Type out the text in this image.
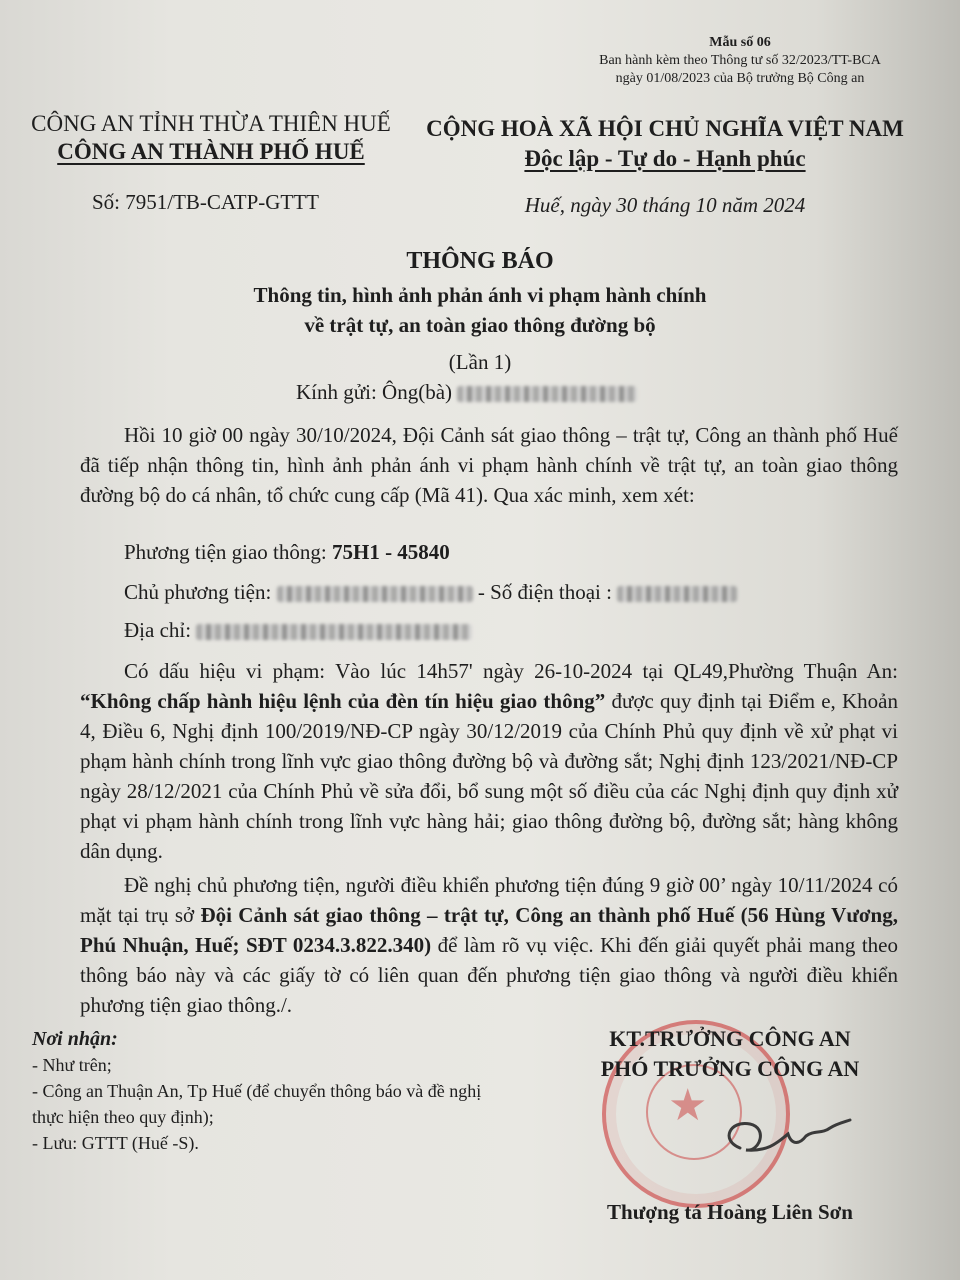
Mẫu số 06
Ban hành kèm theo Thông tư số 32/2023/TT-BCA
ngày 01/08/2023 của Bộ trưởng Bộ Công an
CÔNG AN TỈNH THỪA THIÊN HUẾ
CÔNG AN THÀNH PHỐ HUẾ
Số: 7951/TB-CATP-GTTT
CỘNG HOÀ XÃ HỘI CHỦ NGHĨA VIỆT NAM
Độc lập - Tự do - Hạnh phúc
Huế, ngày 30 tháng 10 năm 2024
THÔNG BÁO
Thông tin, hình ảnh phản ánh vi phạm hành chính
về trật tự, an toàn giao thông đường bộ
(Lần 1)
Kính gửi: Ông(bà)
Hồi 10 giờ 00 ngày 30/10/2024, Đội Cảnh sát giao thông – trật tự, Công an thành phố Huế đã tiếp nhận thông tin, hình ảnh phản ánh vi phạm hành chính về trật tự, an toàn giao thông đường bộ do cá nhân, tổ chức cung cấp (Mã 41). Qua xác minh, xem xét:
Phương tiện giao thông: 75H1 - 45840
Chủ phương tiện:	- Số điện thoại :
Địa chỉ:
Có dấu hiệu vi phạm: Vào lúc 14h57' ngày 26-10-2024 tại QL49,Phường Thuận An: “Không chấp hành hiệu lệnh của đèn tín hiệu giao thông” được quy định tại Điểm e, Khoản 4, Điều 6, Nghị định 100/2019/NĐ-CP ngày 30/12/2019 của Chính Phủ quy định về xử phạt vi phạm hành chính trong lĩnh vực giao thông đường bộ và đường sắt; Nghị định 123/2021/NĐ-CP ngày 28/12/2021 của Chính Phủ về sửa đổi, bổ sung một số điều của các Nghị định quy định xử phạt vi phạm hành chính trong lĩnh vực hàng hải; giao thông đường bộ, đường sắt; hàng không dân dụng.
Đề nghị chủ phương tiện, người điều khiển phương tiện đúng 9 giờ 00’ ngày 10/11/2024 có mặt tại trụ sở Đội Cảnh sát giao thông – trật tự, Công an thành phố Huế (56 Hùng Vương, Phú Nhuận, Huế; SĐT 0234.3.822.340) để làm rõ vụ việc. Khi đến giải quyết phải mang theo thông báo này và các giấy tờ có liên quan đến phương tiện giao thông và người điều khiển phương tiện giao thông./.
Nơi nhận:
- Như trên;
- Công an Thuận An, Tp Huế (để chuyển thông báo và đề nghị thực hiện theo quy định);
- Lưu: GTTT (Huế -S).
★
KT.TRƯỞNG CÔNG AN
PHÓ TRƯỞNG CÔNG AN
Thượng tá Hoàng Liên Sơn
